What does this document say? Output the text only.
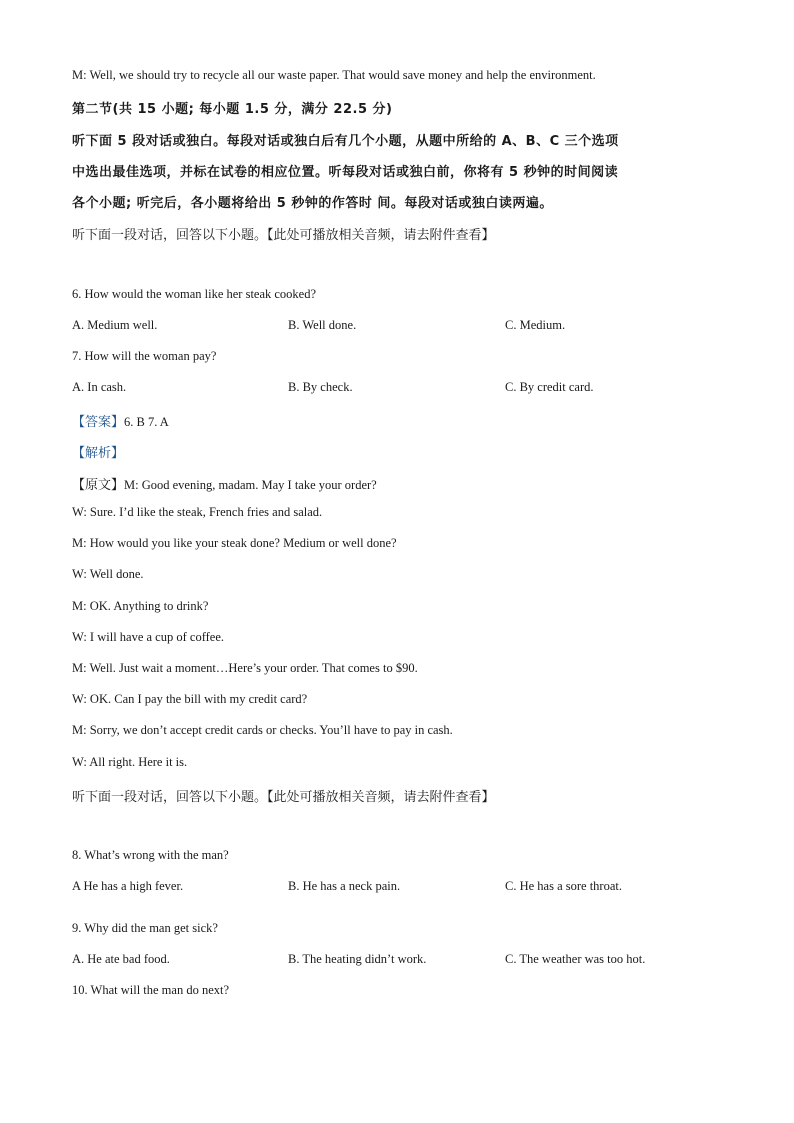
M: Well, we should try to recycle all our waste paper. That would save money and help the environment.
第二节(共 15 小题; 每小题 1.5 分，满分 22.5 分)
听下面 5 段对话或独白。每段对话或独白后有几个小题，从题中所给的 A、B、C 三个选项
中选出最佳选项，并标在试卷的相应位置。听每段对话或独白前，你将有 5 秒钟的时间阅读
各个小题; 听完后，各小题将给出 5 秒钟的作答时 间。每段对话或独白读两遍。
听下面一段对话，回答以下小题。【此处可播放相关音频，请去附件查看】
6. How would the woman like her steak cooked?
A. Medium well.	B. Well done.	C. Medium.
7. How will the woman pay?
A. In cash.	B. By check.	C. By credit card.
【答案】6. B 7. A
【解析】
【原文】M: Good evening, madam. May I take your order?
W: Sure. I’d like the steak, French fries and salad.
M: How would you like your steak done? Medium or well done?
W: Well done.
M: OK. Anything to drink?
W: I will have a cup of coffee.
M: Well. Just wait a moment…Here’s your order. That comes to $90.
W: OK. Can I pay the bill with my credit card?
M: Sorry, we don’t accept credit cards or checks. You’ll have to pay in cash.
W: All right. Here it is.
听下面一段对话，回答以下小题。【此处可播放相关音频，请去附件查看】
8. What’s wrong with the man?
A He has a high fever.	B. He has a neck pain.	C. He has a sore throat.
9. Why did the man get sick?
A. He ate bad food.	B. The heating didn’t work.	C. The weather was too hot.
10. What will the man do next?
